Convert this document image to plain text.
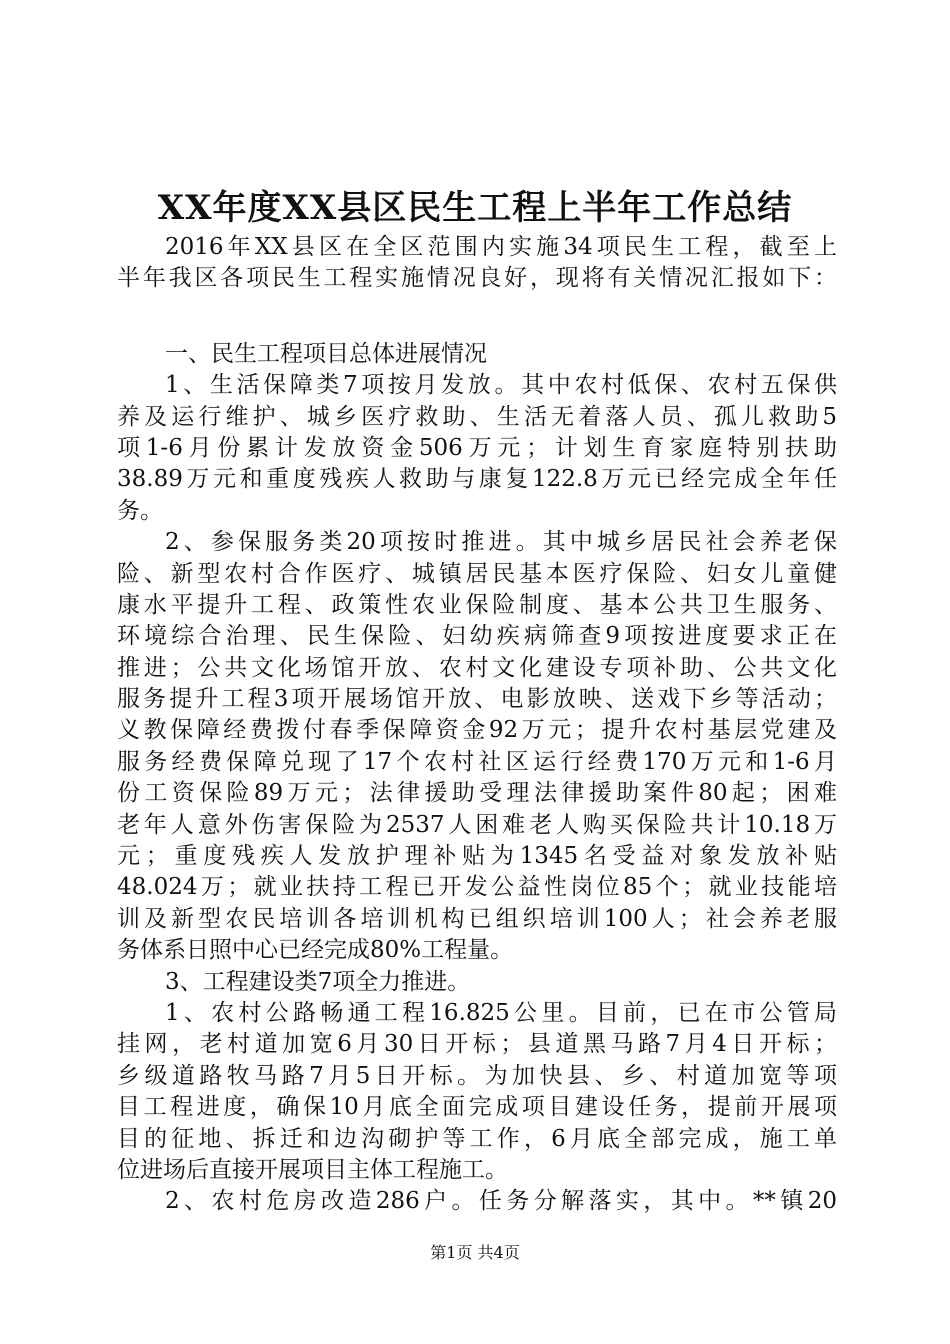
XX年度XX县区民生工程上半年工作总结
2016年XX县区在全区范围内实施34项民生工程，截至上
半年我区各项民生工程实施情况良好，现将有关情况汇报如下：
一、民生工程项目总体进展情况
1、生活保障类7项按月发放。其中农村低保、农村五保供
养及运行维护、城乡医疗救助、生活无着落人员、孤儿救助5
项1-6月份累计发放资金506万元；计划生育家庭特别扶助
38.89万元和重度残疾人救助与康复122.8万元已经完成全年任
务。
2、参保服务类20项按时推进。其中城乡居民社会养老保
险、新型农村合作医疗、城镇居民基本医疗保险、妇女儿童健
康水平提升工程、政策性农业保险制度、基本公共卫生服务、
环境综合治理、民生保险、妇幼疾病筛查9项按进度要求正在
推进；公共文化场馆开放、农村文化建设专项补助、公共文化
服务提升工程3项开展场馆开放、电影放映、送戏下乡等活动；
义教保障经费拨付春季保障资金92万元；提升农村基层党建及
服务经费保障兑现了17个农村社区运行经费170万元和1-6月
份工资保险89万元；法律援助受理法律援助案件80起；困难
老年人意外伤害保险为2537人困难老人购买保险共计10.18万
元；重度残疾人发放护理补贴为1345名受益对象发放补贴
48.024万；就业扶持工程已开发公益性岗位85个；就业技能培
训及新型农民培训各培训机构已组织培训100人；社会养老服
务体系日照中心已经完成80%工程量。
3、工程建设类7项全力推进。
1、农村公路畅通工程16.825公里。目前，已在市公管局
挂网，老村道加宽6月30日开标；县道黑马路7月4日开标；
乡级道路牧马路7月5日开标。为加快县、乡、村道加宽等项
目工程进度，确保10月底全面完成项目建设任务，提前开展项
目的征地、拆迁和边沟砌护等工作，6月底全部完成，施工单
位进场后直接开展项目主体工程施工。
2、农村危房改造286户。任务分解落实，其中。**镇20
第1页 共4页
